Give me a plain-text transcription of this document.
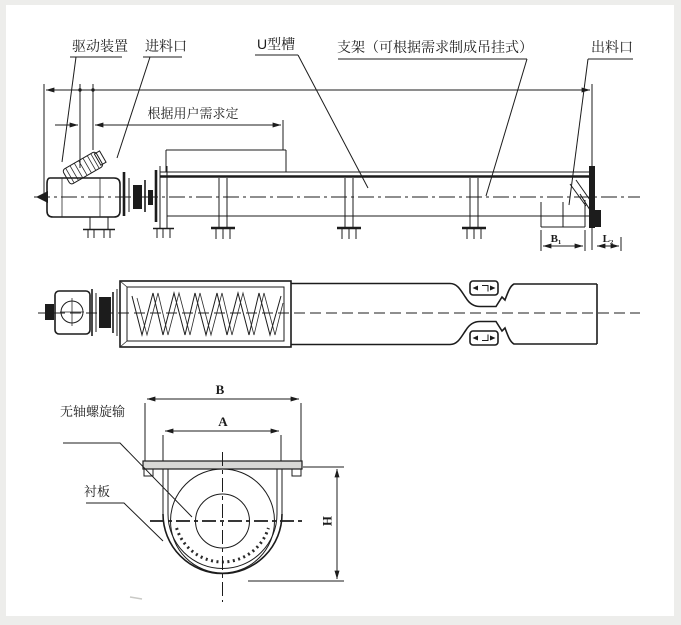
驱动装置 进料口	U型槽	支架（可根据需求制成吊挂式）	出料口
根据用户需求定
B₁	L₂
B
A
H
无轴螺旋输
衬板
